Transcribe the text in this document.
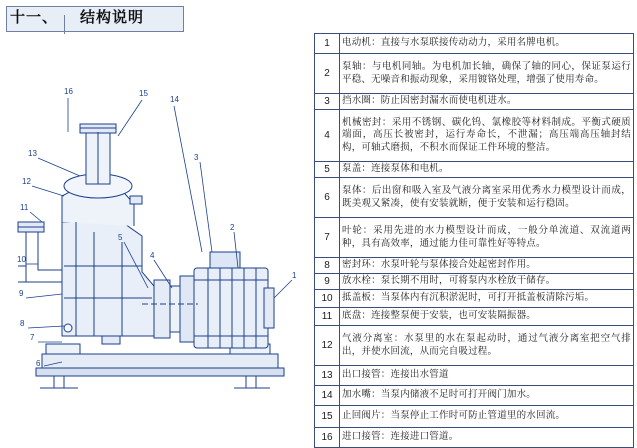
十一、 结构说明
16	15
14
13
12
11
10
9
8
7
6
5
4
3
2
1
1	电动机：直接与水泵联接传动动力，采用名牌电机。
2	泵轴：与电机同轴。为电机加长轴，确保了轴的同心，保证泵运行平稳、无噪音和振动现象，采用镀铬处理，增强了使用寿命。
3	挡水圈：防止因密封漏水而使电机进水。
4	机械密封：采用不锈钢、碳化钨、氯橡胶等材料制成。平衡式硬质端面，高压长被密封，运行寿命长，不泄漏；高压端高压轴封结构，可轴式磨损，不积水而保证工件环境的整洁。
5	泵盖：连接泵体和电机。
6	泵体：后出窗和吸入室及气液分离室采用优秀水力模型设计而成，既美观又紧凑，使有安装就断，便于安装和运行稳固。
7	叶轮：采用先进的水力模型设计而成，一般分单流道、双流道两种，具有高效率，通过能力佳可靠性好等特点。
8	密封环：水泵叶轮与泵体接合处起密封作用。
9	放水栓：泵长期不用时，可将泵内水栓放干储存。
10	抵盖板：当泵体内有沉积淤泥时，可打开抵盖板清除污垢。
11	底盘：连接整泵便于安装，也可安装隔振器。
12	气液分离室：水泵里的水在泵起动时，通过气液分离室把空气排出，并使水回流，从而完自吸过程。
13	出口接管：连接出水管道
14	加水嘴：当泵内储液不足时可打开阀门加水。
15	止回阀片：当泵停止工作时可防止管道里的水回流。
16	进口接管：连接进口管道。
